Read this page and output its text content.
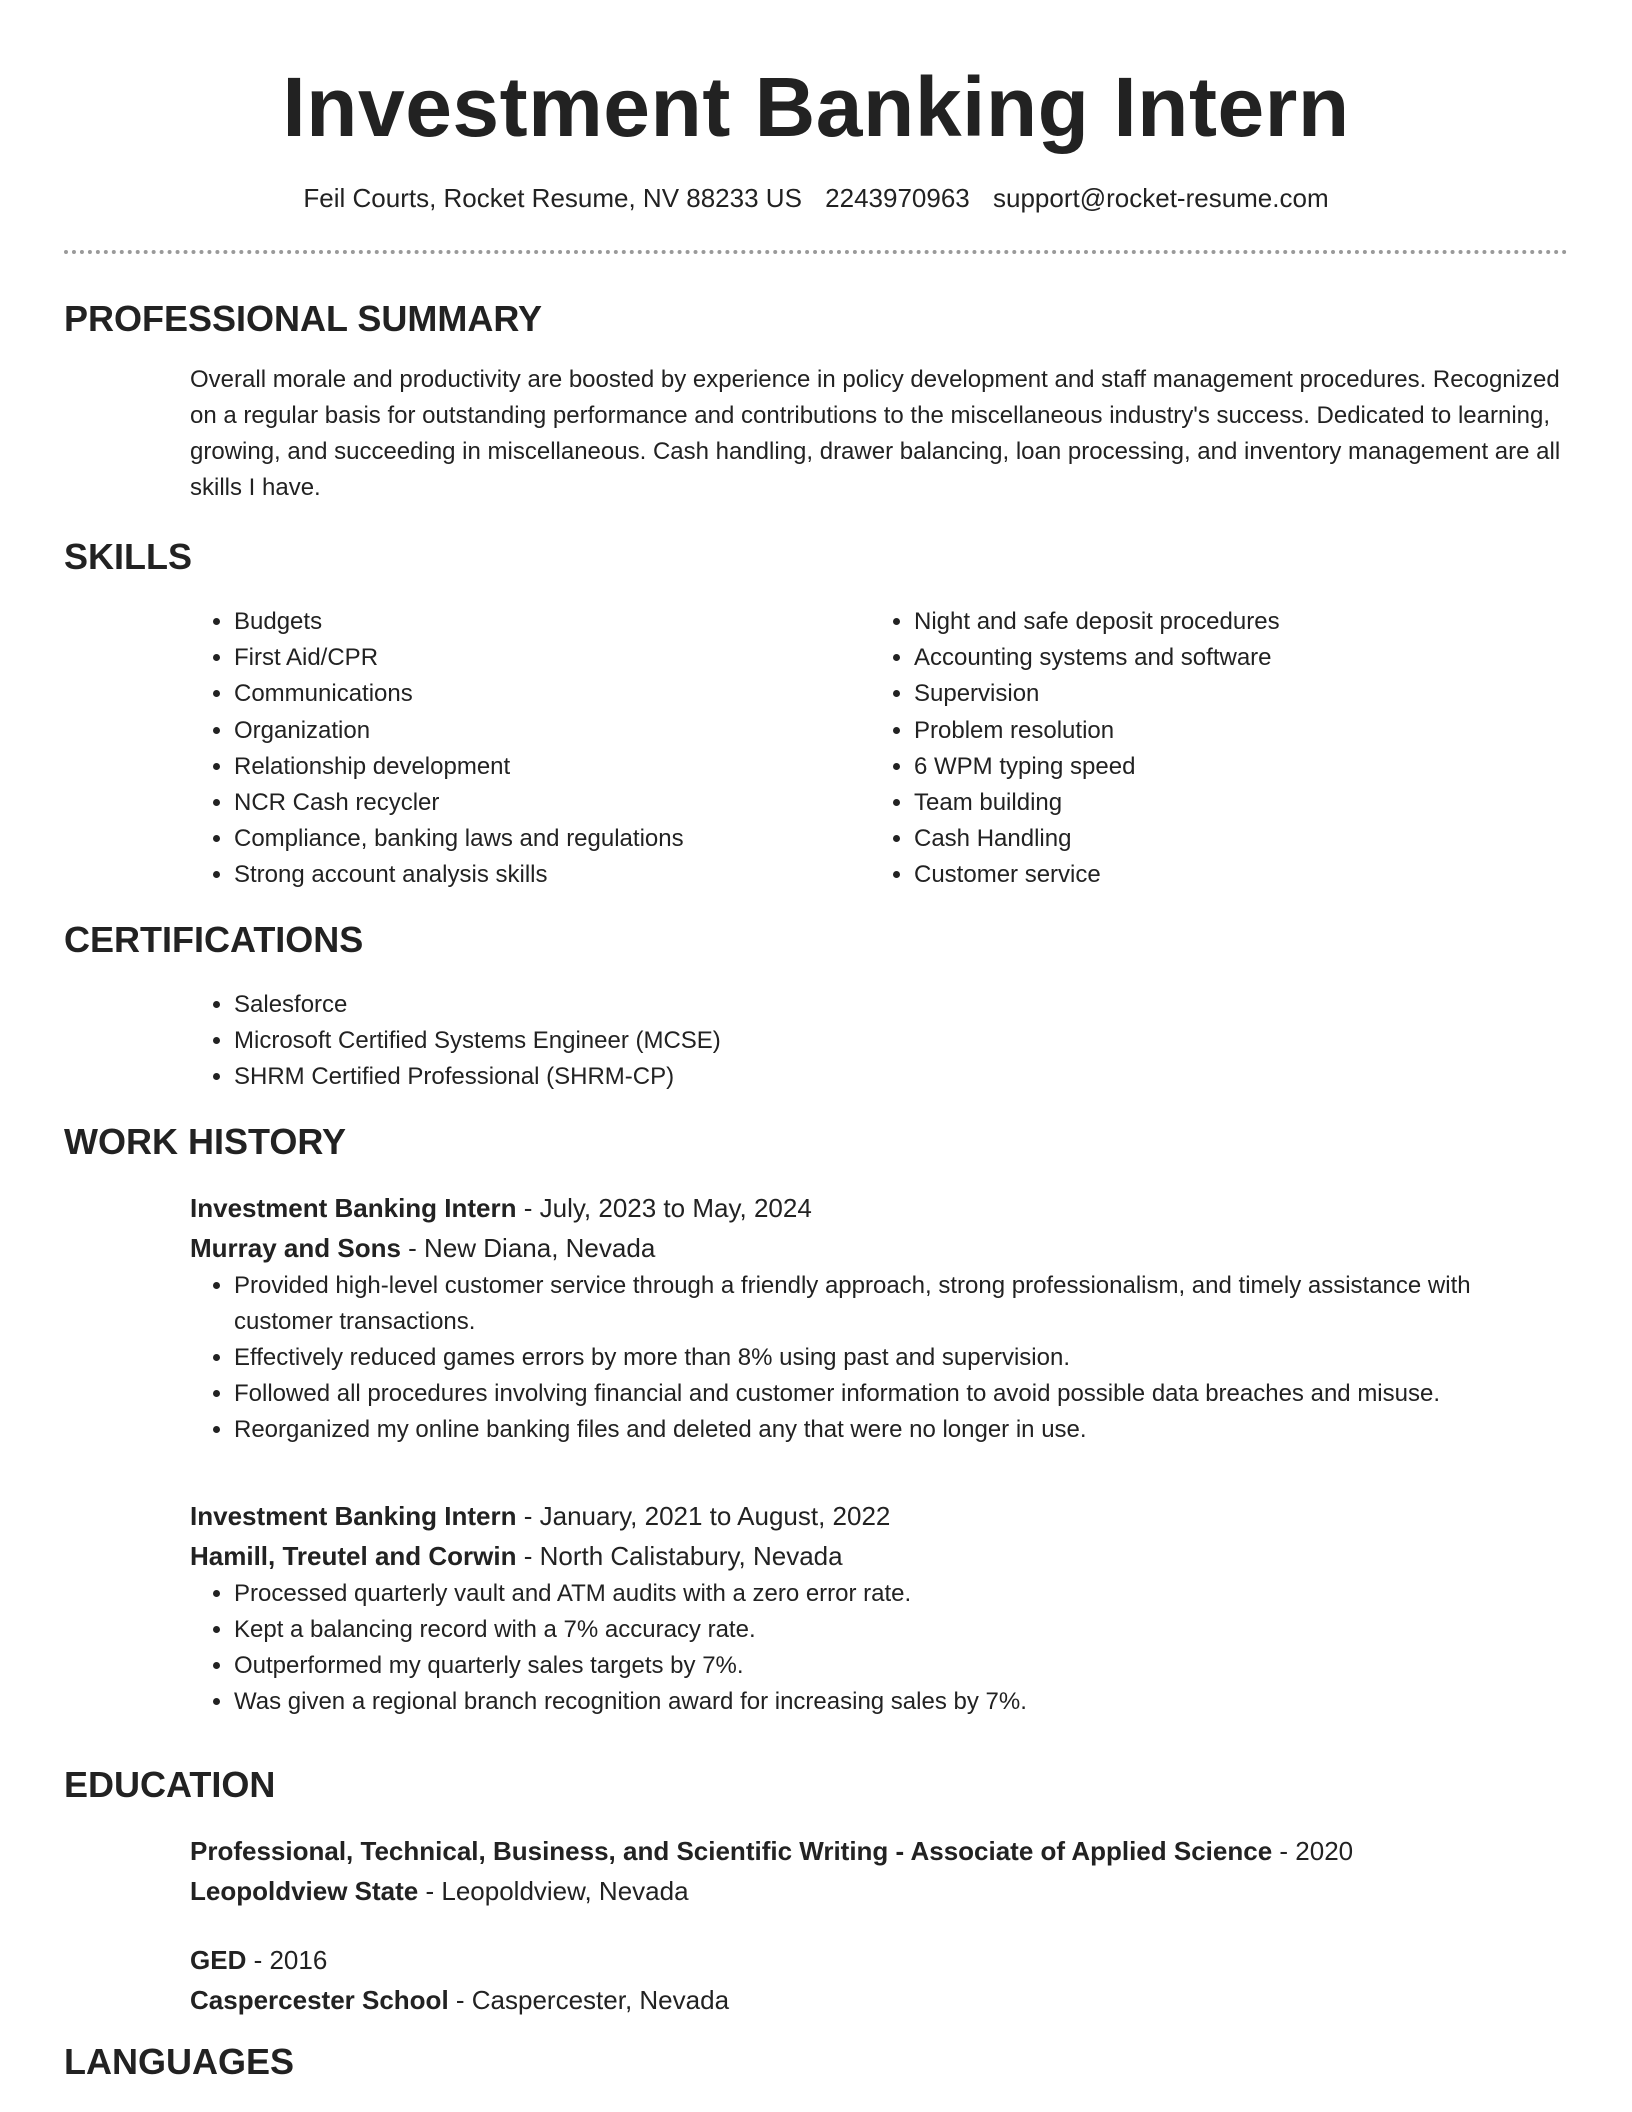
Investment Banking Intern
Feil Courts, Rocket Resume, NV 88233 US 2243970963 support@rocket-resume.com
PROFESSIONAL SUMMARY

Overall morale and productivity are boosted by experience in policy development and staff management procedures. Recognized on a regular basis for outstanding performance and contributions to the miscellaneous industry's success. Dedicated to learning, growing, and succeeding in miscellaneous. Cash handling, drawer balancing, loan processing, and inventory management are all skills I have.

SKILLS
• Budgets
• First Aid/CPR
• Communications
• Organization
• Relationship development
• NCR Cash recycler
• Compliance, banking laws and regulations
• Strong account analysis skills
• Night and safe deposit procedures
• Accounting systems and software
• Supervision
• Problem resolution
• 6 WPM typing speed
• Team building
• Cash Handling
• Customer service
CERTIFICATIONS
• Salesforce
• Microsoft Certified Systems Engineer (MCSE)
• SHRM Certified Professional (SHRM-CP)
WORK HISTORY
Investment Banking Intern - July, 2023 to May, 2024
Murray and Sons - New Diana, Nevada
• Provided high-level customer service through a friendly approach, strong professionalism, and timely assistance with customer transactions.
• Effectively reduced games errors by more than 8% using past and supervision.
• Followed all procedures involving financial and customer information to avoid possible data breaches and misuse.
• Reorganized my online banking files and deleted any that were no longer in use.
Investment Banking Intern - January, 2021 to August, 2022
Hamill, Treutel and Corwin - North Calistabury, Nevada
• Processed quarterly vault and ATM audits with a zero error rate.
• Kept a balancing record with a 7% accuracy rate.
• Outperformed my quarterly sales targets by 7%.
• Was given a regional branch recognition award for increasing sales by 7%.
EDUCATION
Professional, Technical, Business, and Scientific Writing - Associate of Applied Science - 2020
Leopoldview State - Leopoldview, Nevada
GED - 2016
Caspercester School - Caspercester, Nevada
LANGUAGES
